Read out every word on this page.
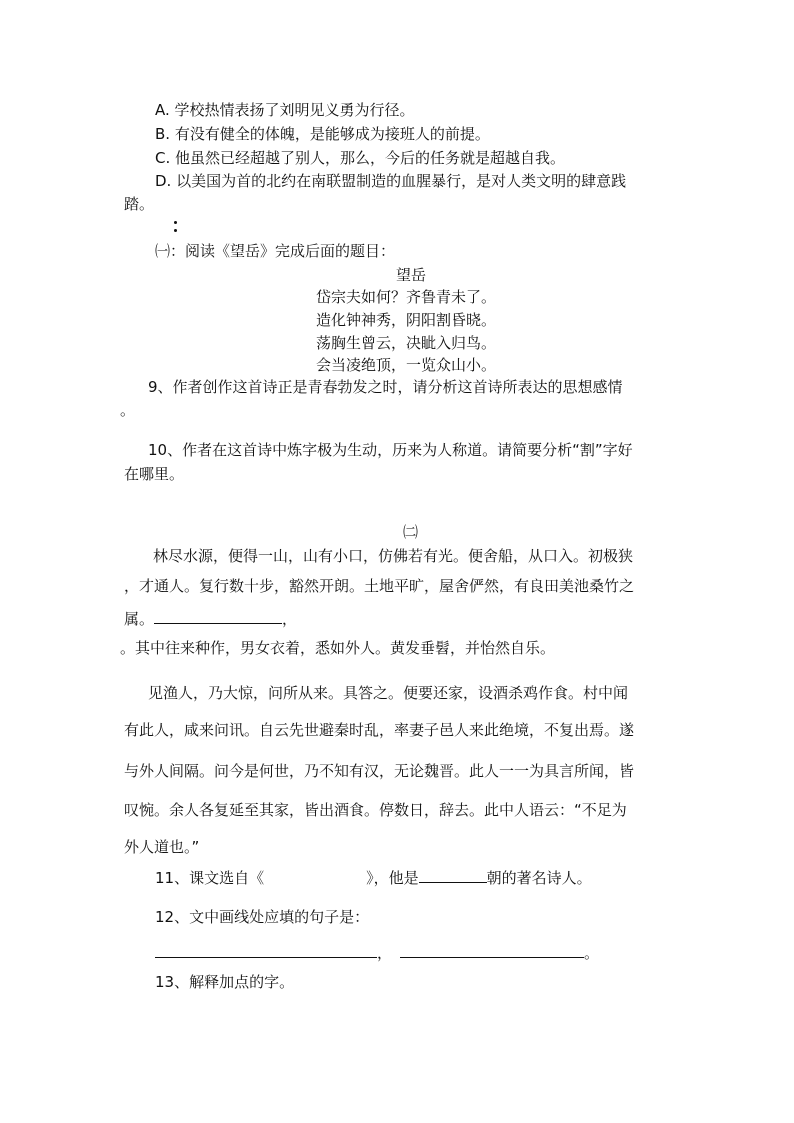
A. 学校热情表扬了刘明见义勇为行径。
B. 有没有健全的体魄，是能够成为接班人的前提。
C. 他虽然已经超越了别人，那么，今后的任务就是超越自我。
D. 以美国为首的北约在南联盟制造的血腥暴行，是对人类文明的肆意践
踏。
㈠：阅读《望岳》完成后面的题目：
望岳
岱宗夫如何？齐鲁青未了。
造化钟神秀，阴阳割昏晓。
荡胸生曾云，决眦入归鸟。
会当凌绝顶，一览众山小。
9、作者创作这首诗正是青春勃发之时，请分析这首诗所表达的思想感情
。
10、作者在这首诗中炼字极为生动，历来为人称道。请简要分析“割”字好
在哪里。
㈡
林尽水源，便得一山，山有小口，仿佛若有光。便舍船，从口入。初极狭
，才通人。复行数十步，豁然开朗。土地平旷，屋舍俨然，有良田美池桑竹之
属。	，
。其中往来种作，男女衣着，悉如外人。黄发垂髫，并怡然自乐。
见渔人，乃大惊，问所从来。具答之。便要还家，设酒杀鸡作食。村中闻
有此人，咸来问讯。自云先世避秦时乱，率妻子邑人来此绝境，不复出焉。遂
与外人间隔。问今是何世，乃不知有汉，无论魏晋。此人一一为具言所闻，皆
叹惋。余人各复延至其家，皆出酒食。停数日，辞去。此中人语云：“不足为
外人道也。”
11、课文选自《	》，他是	朝的著名诗人。
12、文中画线处应填的句子是：
，	。
13、解释加点的字。
